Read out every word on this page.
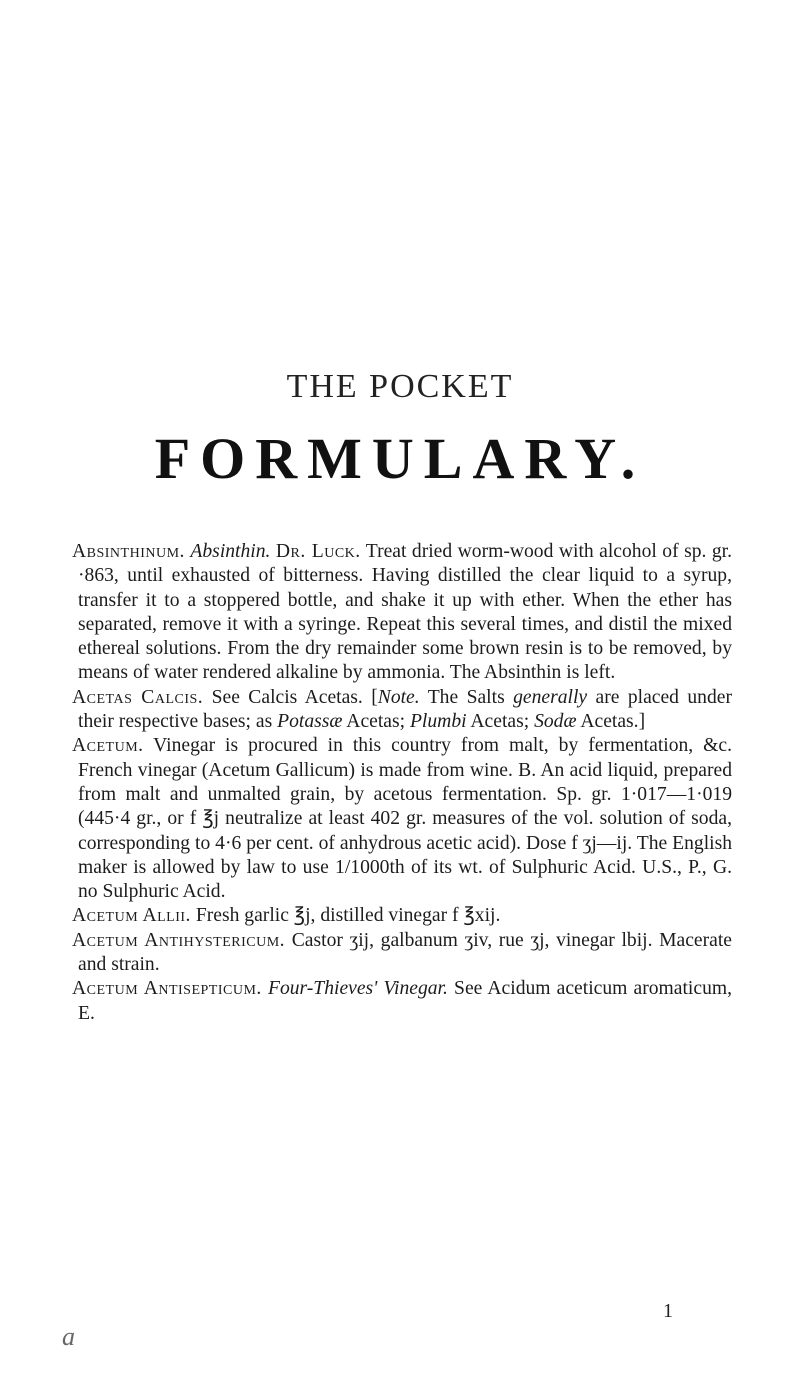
THE POCKET
FORMULARY.

Absinthinum. Absinthin. Dr. Luck. Treat dried worm-wood with alcohol of sp. gr. ·863, until exhausted of bitterness. Having distilled the clear liquid to a syrup, transfer it to a stoppered bottle, and shake it up with ether. When the ether has separated, remove it with a syringe. Repeat this several times, and distil the mixed ethereal solutions. From the dry remainder some brown resin is to be removed, by means of water rendered alkaline by ammonia. The Absinthin is left.

Acetas Calcis. See Calcis Acetas. [Note. The Salts generally are placed under their respective bases; as Potassæ Acetas; Plumbi Acetas; Sodæ Acetas.]

Acetum. Vinegar is procured in this country from malt, by fermentation, &c. French vinegar (Acetum Gallicum) is made from wine. B. An acid liquid, prepared from malt and unmalted grain, by acetous fermentation. Sp. gr. 1·017—1·019 (445·4 gr., or f ℥j neutralize at least 402 gr. measures of the vol. solution of soda, corresponding to 4·6 per cent. of anhydrous acetic acid). Dose f ʒj—ij. The English maker is allowed by law to use 1/1000th of its wt. of Sulphuric Acid. U.S., P., G. no Sulphuric Acid.

Acetum Allii. Fresh garlic ℥j, distilled vinegar f ℥xij.

Acetum Antihystericum. Castor ʒij, galbanum ʒiv, rue ʒj, vinegar lbij. Macerate and strain.

Acetum Antisepticum. Four-Thieves' Vinegar. See Acidum aceticum aromaticum, E.

1
a
